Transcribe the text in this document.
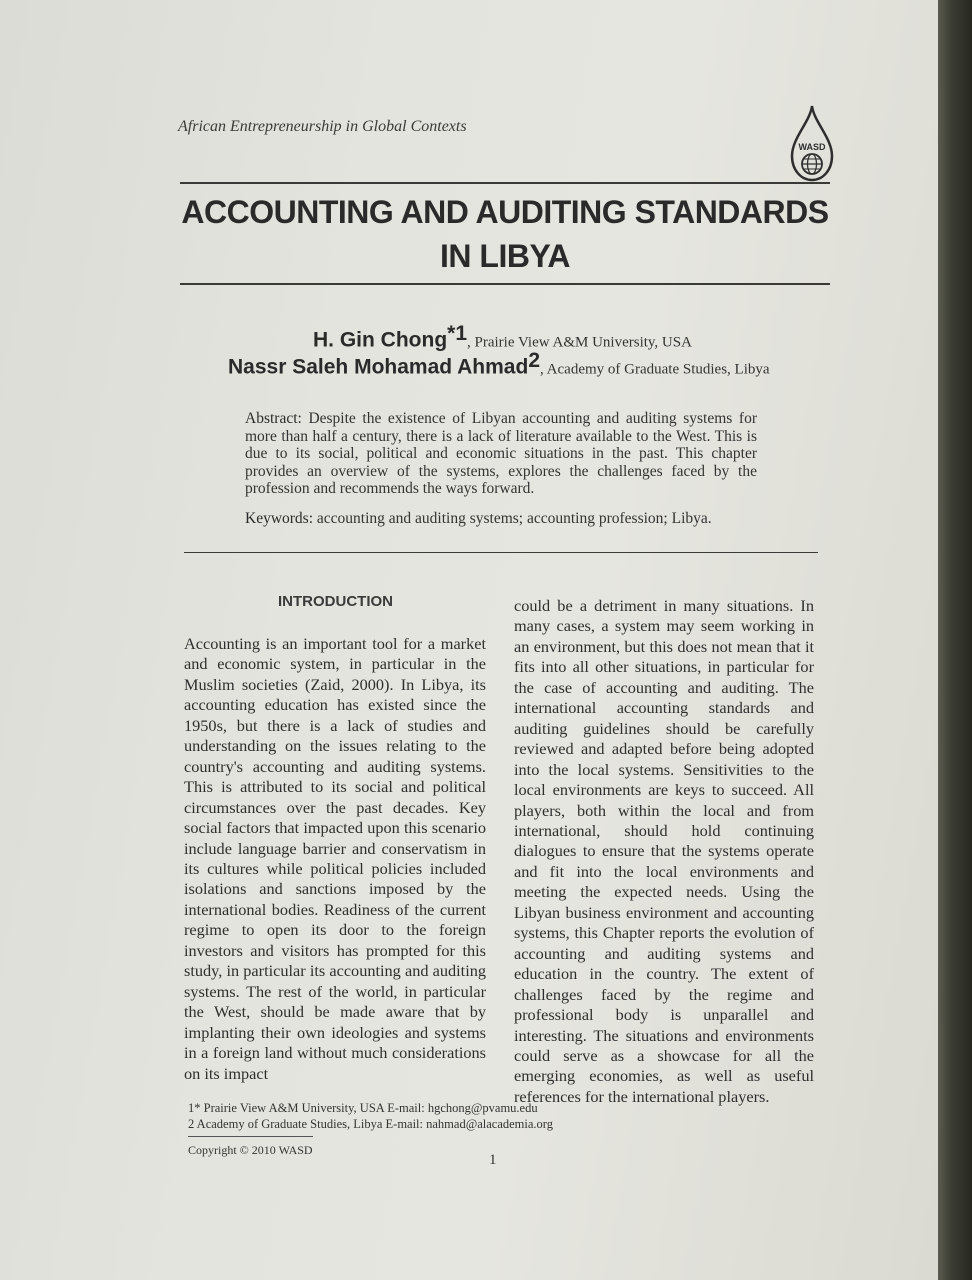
African Entrepreneurship in Global Contexts
WASD
ACCOUNTING AND AUDITING STANDARDS
IN LIBYA
H. Gin Chong$^{*1}$, Prairie View A&M University, USA
Nassr Saleh Mohamad Ahmad$^2$, Academy of Graduate Studies, Libya

Abstract: Despite the existence of Libyan accounting and auditing systems for more than half a century, there is a lack of literature available to the West. This is due to its social, political and economic situations in the past. This chapter provides an overview of the systems, explores the challenges faced by the profession and recommends the ways forward.

Keywords: accounting and auditing systems; accounting profession; Libya.

INTRODUCTION

Accounting is an important tool for a market and economic system, in particular in the Muslim societies (Zaid, 2000). In Libya, its accounting education has existed since the 1950s, but there is a lack of studies and understanding on the issues relating to the country's accounting and auditing systems. This is attributed to its social and political circumstances over the past decades. Key social factors that impacted upon this scenario include language barrier and conservatism in its cultures while political policies included isolations and sanctions imposed by the international bodies. Readiness of the current regime to open its door to the foreign investors and visitors has prompted for this study, in particular its accounting and auditing systems. The rest of the world, in particular the West, should be made aware that by implanting their own ideologies and systems in a foreign land without much considerations on its impact

could be a detriment in many situations. In many cases, a system may seem working in an environment, but this does not mean that it fits into all other situations, in particular for the case of accounting and auditing. The international accounting standards and auditing guidelines should be carefully reviewed and adapted before being adopted into the local systems. Sensitivities to the local environments are keys to succeed. All players, both within the local and from international, should hold continuing dialogues to ensure that the systems operate and fit into the local environments and meeting the expected needs. Using the Libyan business environment and accounting systems, this Chapter reports the evolution of accounting and auditing systems and education in the country. The extent of challenges faced by the regime and professional body is unparallel and interesting. The situations and environments could serve as a showcase for all the emerging economies, as well as useful references for the international players.

1* Prairie View A&M University, USA E-mail: hgchong@pvamu.edu
2 Academy of Graduate Studies, Libya E-mail: nahmad@alacademia.org
Copyright © 2010 WASD
1
